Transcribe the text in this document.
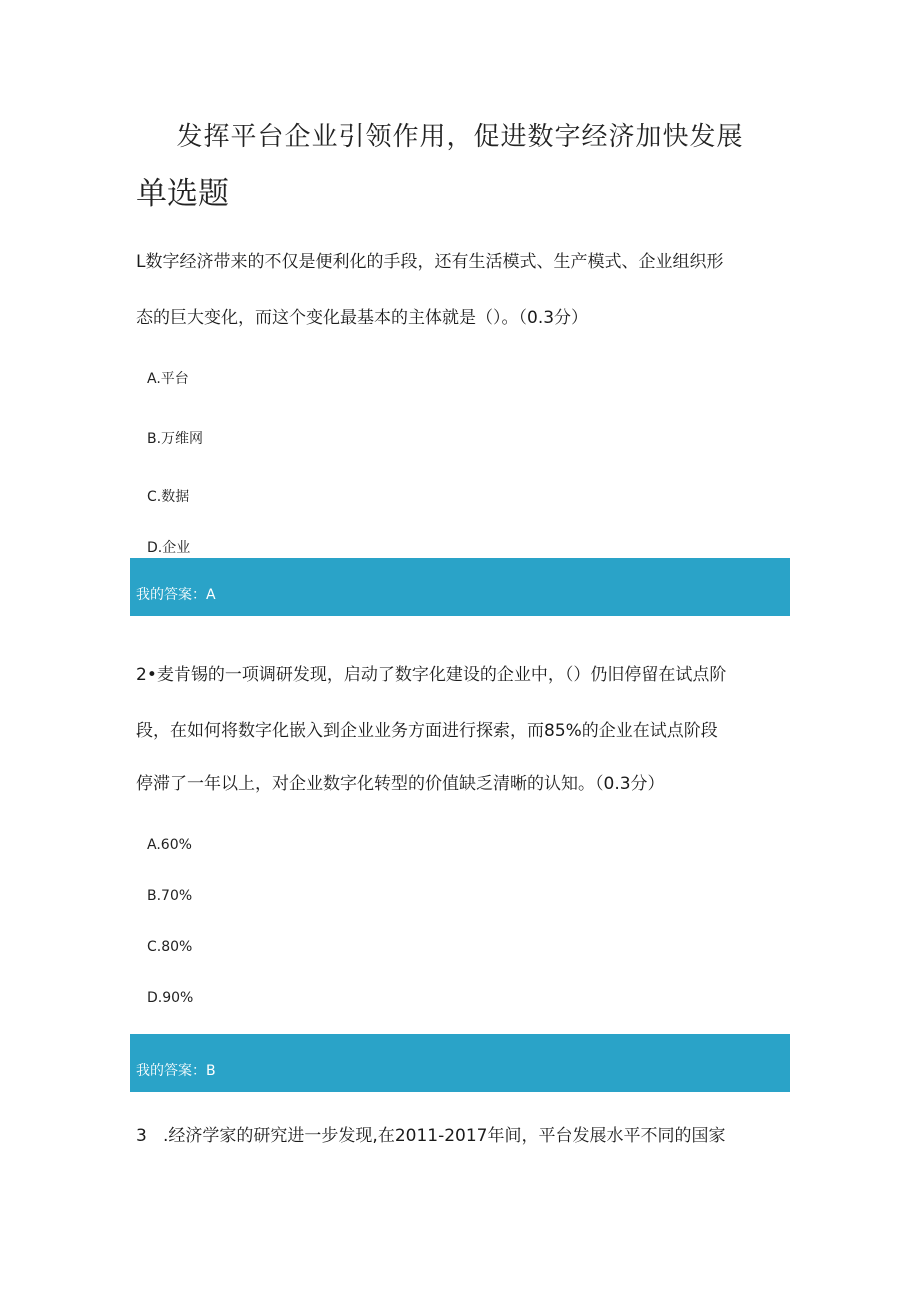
发挥平台企业引领作用，促进数字经济加快发展
单选题
L数字经济带来的不仅是便利化的手段，还有生活模式、生产模式、企业组织形
态的巨大变化，而这个变化最基本的主体就是（）。（0.3分）
A.平台
B.万维网
C.数据
D.企业
我的答案：A
2•麦肯锡的一项调研发现，启动了数字化建设的企业中，（）仍旧停留在试点阶
段，在如何将数字化嵌入到企业业务方面进行探索，而85%的企业在试点阶段
停滞了一年以上，对企业数字化转型的价值缺乏清晰的认知。（0.3分）
A.60%
B.70%
C.80%
D.90%
我的答案：B
3   .经济学家的研究进一步发现,在2011-2017年间，平台发展水平不同的国家
